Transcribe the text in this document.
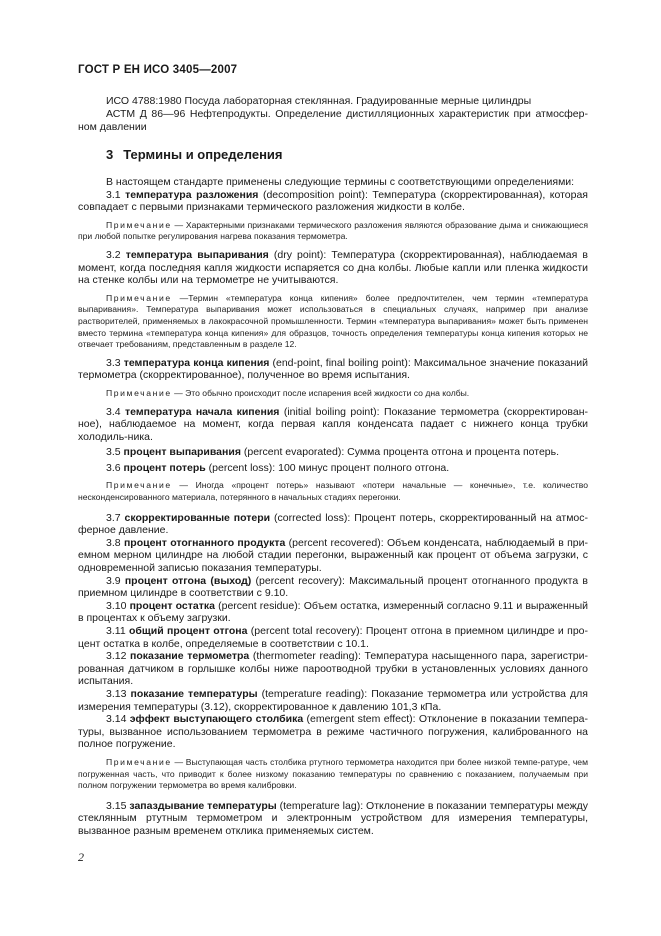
ГОСТ Р ЕН ИСО 3405—2007

ИСО 4788:1980 Посуда лабораторная стеклянная. Градуированные мерные цилиндры

АСТМ Д 86—96 Нефтепродукты. Определение дистилляционных характеристик при атмосфер-ном давлении

3 Термины и определения

В настоящем стандарте применены следующие термины с соответствующими определениями:

3.1 температура разложения (decomposition point): Температура (скорректированная), которая совпадает с первыми признаками термического разложения жидкости в колбе.

Примечание — Характерными признаками термического разложения являются образование дыма и снижающиеся при любой попытке регулирования нагрева показания термометра.

3.2 температура выпаривания (dry point): Температура (скорректированная), наблюдаемая в момент, когда последняя капля жидкости испаряется со дна колбы. Любые капли или пленка жидкости на стенке колбы или на термометре не учитываются.

Примечание —Термин «температура конца кипения» более предпочтителен, чем термин «температура выпаривания». Температура выпаривания может использоваться в специальных случаях, например при анализе растворителей, применяемых в лакокрасочной промышленности. Термин «температура выпаривания» может быть применен вместо термина «температура конца кипения» для образцов, точность определения температуры конца кипения которых не отвечает требованиям, представленным в разделе 12.

3.3 температура конца кипения (end-point, final boiling point): Максимальное значение показаний термометра (скорректированное), полученное во время испытания.

Примечание — Это обычно происходит после испарения всей жидкости со дна колбы.

3.4 температура начала кипения (initial boiling point): Показание термометра (скорректирован-ное), наблюдаемое на момент, когда первая капля конденсата падает с нижнего конца трубки холодиль-ника.

3.5 процент выпаривания (percent evaporated): Сумма процента отгона и процента потерь.

3.6 процент потерь (percent loss): 100 минус процент полного отгона.

Примечание — Иногда «процент потерь» называют «потери начальные — конечные», т.е. количество несконденсированного материала, потерянного в начальных стадиях перегонки.

3.7 скорректированные потери (corrected loss): Процент потерь, скорректированный на атмос-ферное давление.

3.8 процент отогнанного продукта (percent recovered): Объем конденсата, наблюдаемый в при-емном мерном цилиндре на любой стадии перегонки, выраженный как процент от объема загрузки, с одновременной записью показания температуры.

3.9 процент отгона (выход) (percent recovery): Максимальный процент отогнанного продукта в приемном цилиндре в соответствии с 9.10.

3.10 процент остатка (percent residue): Объем остатка, измеренный согласно 9.11 и выраженный в процентах к объему загрузки.

3.11 общий процент отгона (percent total recovery): Процент отгона в приемном цилиндре и про-цент остатка в колбе, определяемые в соответствии с 10.1.

3.12 показание термометра (thermometer reading): Температура насыщенного пара, зарегистри-рованная датчиком в горлышке колбы ниже пароотводной трубки в установленных условиях данного испытания.

3.13 показание температуры (temperature reading): Показание термометра или устройства для измерения температуры (3.12), скорректированное к давлению 101,3 кПа.

3.14 эффект выступающего столбика (emergent stem effect): Отклонение в показании темпера-туры, вызванное использованием термометра в режиме частичного погружения, калиброванного на полное погружение.

Примечание — Выступающая часть столбика ртутного термометра находится при более низкой темпе-ратуре, чем погруженная часть, что приводит к более низкому показанию температуры по сравнению с показанием, получаемым при полном погружении термометра во время калибровки.

3.15 запаздывание температуры (temperature lag): Отклонение в показании температуры между стеклянным ртутным термометром и электронным устройством для измерения температуры, вызванное разным временем отклика применяемых систем.

2
